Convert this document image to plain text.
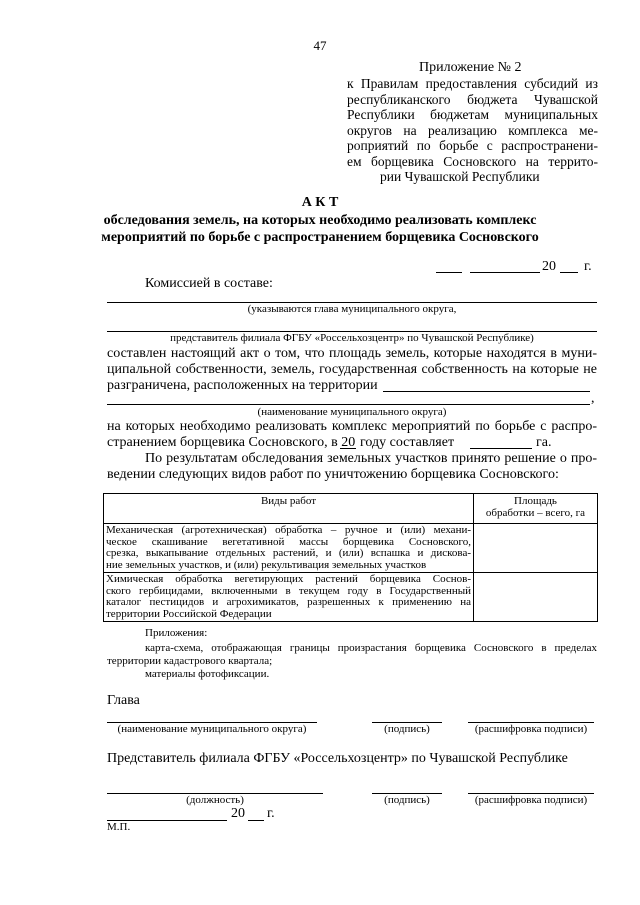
47
Приложение № 2
к Правилам предоставления субсидий из
республиканского бюджета Чувашской
Республики бюджетам муниципальных
округов на реализацию комплекса ме-
роприятий по борьбе с распространени-
ем борщевика Сосновского на террито-
рии Чувашской Республики
А К Т
обследования земель, на которых необходимо реализовать комплекс
мероприятий по борьбе с распространением борщевика Сосновского
20 г.
Комиссией в составе:
(указываются глава муниципального округа,
представитель филиала ФГБУ «Россельхозцентр» по Чувашской Республике)
составлен настоящий акт о том, что площадь земель, которые находятся в муни-
ципальной собственности, земель, государственная собственность на которые не
разграничена, расположенных на территории
,
(наименование муниципального округа)
на которых необходимо реализовать комплекс мероприятий по борьбе с распро-
странением борщевика Сосновского, в 20 году составляет	га.
По результатам обследования земельных участков принято решение о про-
ведении следующих видов работ по уничтожению борщевика Сосновского:
Виды работ	Площадь
обработки – всего, га

Механическая (агротехническая) обработка – ручное и (или) механи-
ческое скашивание вегетативной массы борщевика Сосновского,
срезка, выкапывание отдельных растений, и (или) вспашка и дискова-
ние земельных участков, и (или) рекультивация земельных участков	

Химическая обработка вегетирующих растений борщевика Соснов-
ского гербицидами, включенными в текущем году в Государственный
каталог пестицидов и агрохимикатов, разрешенных к применению на
территории Российской Федерации	

Приложения:
карта-схема, отображающая границы произрастания борщевика Сосновского в пределах
территории кадастрового квартала;
материалы фотофиксации.
Глава
(наименование муниципального округа)	(подпись)	(расшифровка подписи)
Представитель филиала ФГБУ «Россельхозцентр» по Чувашской Республике
(должность)	(подпись)	(расшифровка подписи)
20 г.
М.П.
